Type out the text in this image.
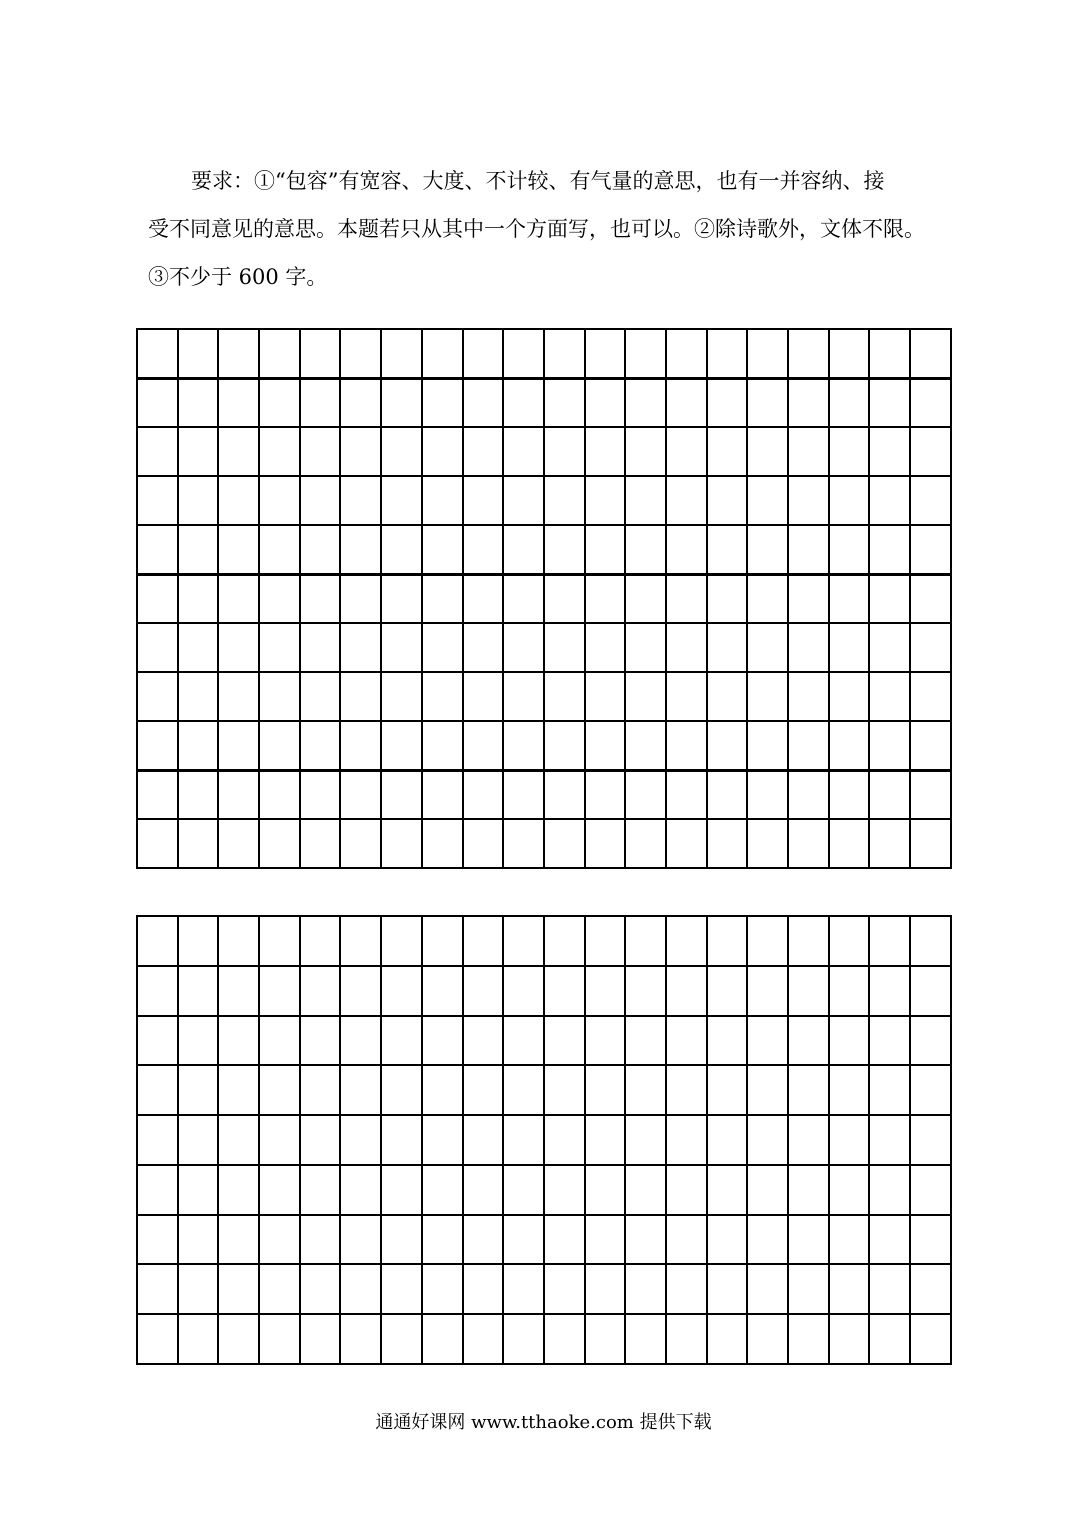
要求：①“包容”有宽容、大度、不计较、有气量的意思，也有一并容纳、接

受不同意见的意思。本题若只从其中一个方面写，也可以。②除诗歌外，文体不限。

③不少于 600 字。

通通好课网 www.tthaoke.com 提供下载
